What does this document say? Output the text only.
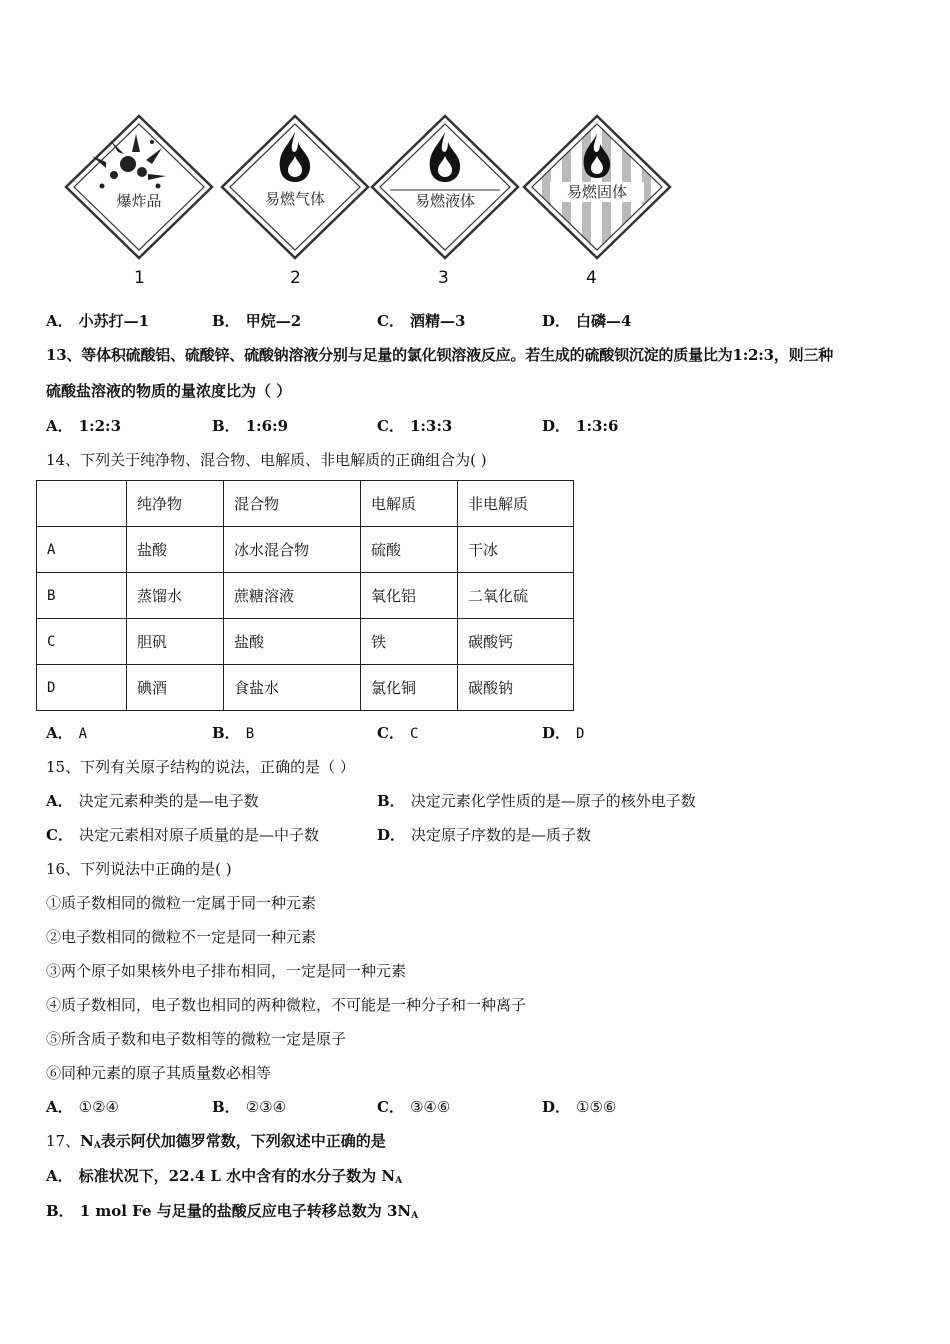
爆炸品
1
易燃气体
2
易燃液体
3
易燃固体
4
A． 小苏打—1	B． 甲烷—2	C． 酒精—3	D． 白磷—4
13、等体积硫酸铝、硫酸锌、硫酸钠溶液分别与足量的氯化钡溶液反应。若生成的硫酸钡沉淀的质量比为1:2:3，则三种
硫酸盐溶液的物质的量浓度比为（ ）
A． 1:2:3	B． 1:6:9	C． 1:3:3	D． 1:3:6
14、下列关于纯净物、混合物、电解质、非电解质的正确组合为( )
	纯净物	混合物	电解质	非电解质
A	盐酸	冰水混合物	硫酸	干冰
B	蒸馏水	蔗糖溶液	氧化铝	二氧化硫
C	胆矾	盐酸	铁	碳酸钙
D	碘酒	食盐水	氯化铜	碳酸钠
A． A	B． B	C． C	D． D
15、下列有关原子结构的说法，正确的是（ ）
A． 决定元素种类的是—电子数	B． 决定元素化学性质的是—原子的核外电子数
C． 决定元素相对原子质量的是—中子数	D． 决定原子序数的是—质子数
16、下列说法中正确的是( )
①质子数相同的微粒一定属于同一种元素
②电子数相同的微粒不一定是同一种元素
③两个原子如果核外电子排布相同，一定是同一种元素
④质子数相同，电子数也相同的两种微粒，不可能是一种分子和一种离子
⑤所含质子数和电子数相等的微粒一定是原子
⑥同种元素的原子其质量数必相等
A． ①②④	B． ②③④	C． ③④⑥	D． ①⑤⑥
17、$N_A$表示阿伏加德罗常数，下列叙述中正确的是
A． 标准状况下，22.4 L 水中含有的水分子数为 $N_A$
B． 1 mol Fe 与足量的盐酸反应电子转移总数为 $3N_A$
